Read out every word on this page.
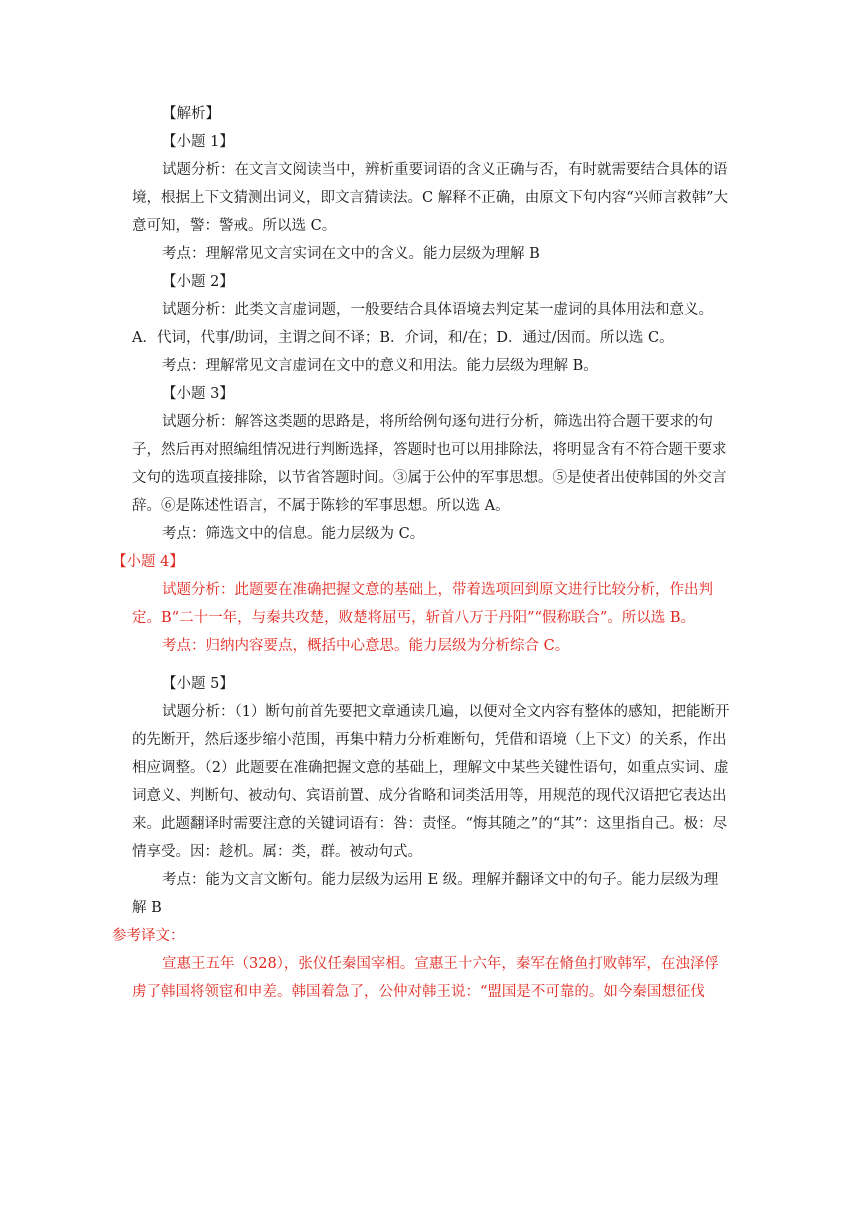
【解析】
【小题 1】
试题分析：在文言文阅读当中，辨析重要词语的含义正确与否，有时就需要结合具体的语境，根据上下文猜测出词义，即文言猜读法。C 解释不正确，由原文下句内容“兴师言救韩”大意可知，警：警戒。所以选 C。
考点：理解常见文言实词在文中的含义。能力层级为理解 B
【小题 2】
试题分析：此类文言虚词题，一般要结合具体语境去判定某一虚词的具体用法和意义。A．代词，代事/助词，主谓之间不译；B．介词，和/在；D．通过/因而。所以选 C。
考点：理解常见文言虚词在文中的意义和用法。能力层级为理解 B。
【小题 3】
试题分析：解答这类题的思路是，将所给例句逐句进行分析，筛选出符合题干要求的句子，然后再对照编组情况进行判断选择，答题时也可以用排除法，将明显含有不符合题干要求文句的选项直接排除，以节省答题时间。③属于公仲的军事思想。⑤是使者出使韩国的外交言辞。⑥是陈述性语言，不属于陈轸的军事思想。所以选 A。
考点：筛选文中的信息。能力层级为 C。
【小题 4】
试题分析：此题要在准确把握文意的基础上，带着选项回到原文进行比较分析，作出判定。B“二十一年，与秦共攻楚，败楚将屈丐，斩首八万于丹阳”“假称联合”。所以选 B。
考点：归纳内容要点，概括中心意思。能力层级为分析综合 C。
【小题 5】
试题分析：（1）断句前首先要把文章通读几遍，以便对全文内容有整体的感知，把能断开的先断开，然后逐步缩小范围，再集中精力分析难断句，凭借和语境（上下文）的关系，作出相应调整。（2）此题要在准确把握文意的基础上，理解文中某些关键性语句，如重点实词、虚词意义、判断句、被动句、宾语前置、成分省略和词类活用等，用规范的现代汉语把它表达出来。此题翻译时需要注意的关键词语有：咎：责怪。“悔其随之”的“其”：这里指自己。极：尽情享受。因：趁机。属：类，群。被动句式。
考点：能为文言文断句。能力层级为运用 E 级。理解并翻译文中的句子。能力层级为理解 B
参考译文：
宣惠王五年（328），张仪任秦国宰相。宣惠王十六年，秦军在脩鱼打败韩军，在浊泽俘虏了韩国将领宦和申差。韩国着急了，公仲对韩王说：“盟国是不可靠的。如今秦国想征伐
